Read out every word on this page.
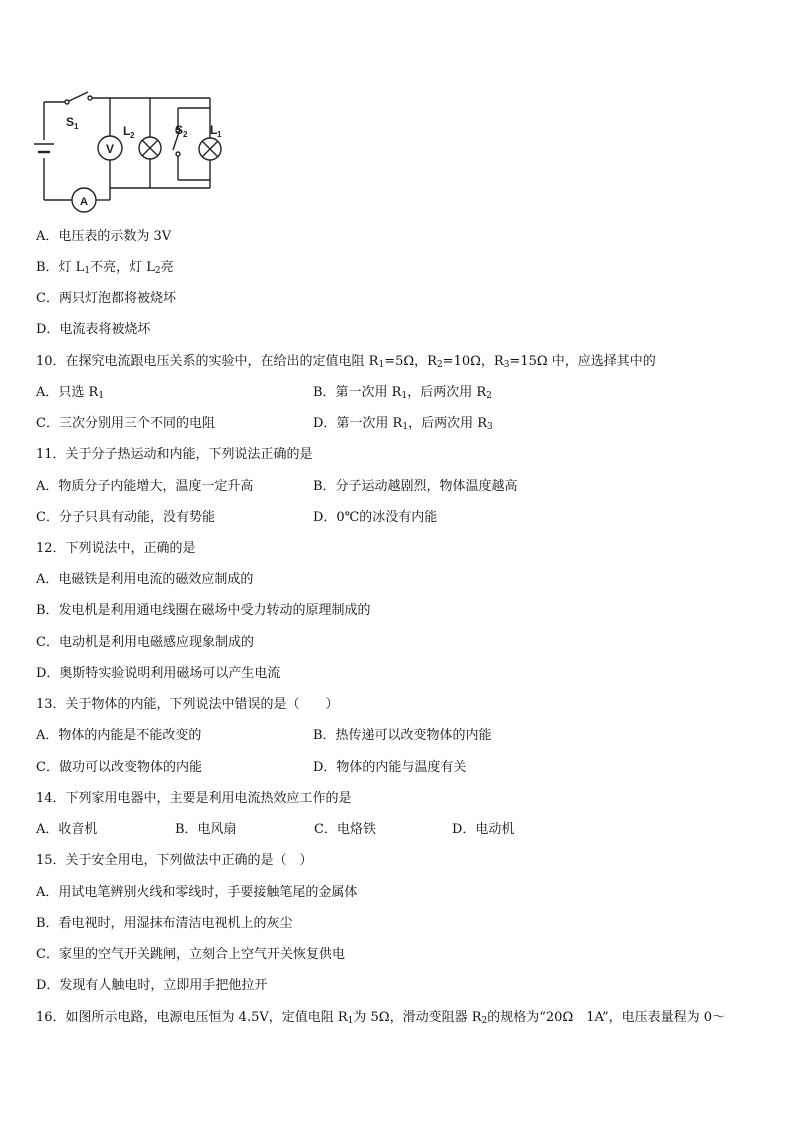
V
A
S 1	L 2	S 2 L 1
A．电压表的示数为 3V
B．灯 $L_1$不亮，灯 $L_2$亮
C．两只灯泡都将被烧坏
D．电流表将被烧坏
10．在探究电流跟电压关系的实验中，在给出的定值电阻 $R_1=5\Omega$，$R_2=10\Omega$，$R_3=15\Omega$ 中，应选择其中的
A．只选 $R_1$	B．第一次用 $R_1$，后两次用 $R_2$
C．三次分别用三个不同的电阻	D．第一次用 $R_1$，后两次用 $R_3$
11．关于分子热运动和内能，下列说法正确的是
A．物质分子内能增大，温度一定升高	B．分子运动越剧烈，物体温度越高
C．分子只具有动能，没有势能	D．0℃的冰没有内能
12．下列说法中，正确的是
A．电磁铁是利用电流的磁效应制成的
B．发电机是利用通电线圈在磁场中受力转动的原理制成的
C．电动机是利用电磁感应现象制成的
D．奥斯特实验说明利用磁场可以产生电流
13．关于物体的内能，下列说法中错误的是（　　）
A．物体的内能是不能改变的	B．热传递可以改变物体的内能
C．做功可以改变物体的内能	D．物体的内能与温度有关
14．下列家用电器中，主要是利用电流热效应工作的是
A．收音机	B．电风扇	C．电烙铁	D．电动机
15．关于安全用电，下列做法中正确的是（　）
A．用试电笔辨别火线和零线时，手要接触笔尾的金属体
B．看电视时，用湿抹布清洁电视机上的灰尘
C．家里的空气开关跳闸，立刻合上空气开关恢复供电
D．发现有人触电时，立即用手把他拉开
16．如图所示电路，电源电压恒为 4.5V，定值电阻 $R_1$为 5Ω，滑动变阻器 $R_2$的规格为“20Ω　1A”，电压表量程为 0～
